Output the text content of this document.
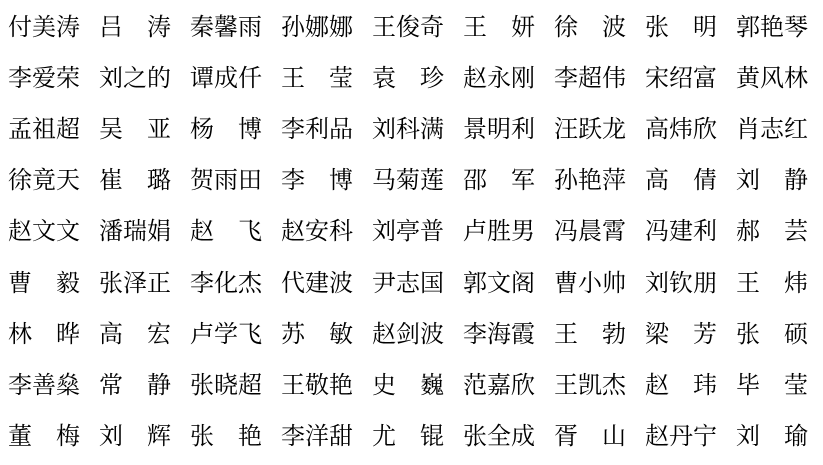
付美涛 吕　涛 秦馨雨 孙娜娜 王俊奇 王　妍 徐　波 张　明 郭艳琴
李爱荣 刘之的 谭成仟 王　莹 袁　珍 赵永刚 李超伟 宋绍富 黄风林
孟祖超 吴　亚 杨　博 李利品 刘科满 景明利 汪跃龙 高炜欣 肖志红
徐竟天 崔　璐 贺雨田 李　博 马菊莲 邵　军 孙艳萍 高　倩 刘　静
赵文文 潘瑞娟 赵　飞 赵安科 刘亭普 卢胜男 冯晨霄 冯建利 郝　芸
曹　毅 张泽正 李化杰 代建波 尹志国 郭文阁 曹小帅 刘钦朋 王　炜
林　晔 高　宏 卢学飞 苏　敏 赵剑波 李海霞 王　勃 梁　芳 张　硕
李善燊 常　静 张晓超 王敬艳 史　巍 范嘉欣 王凯杰 赵　玮 毕　莹
董　梅 刘　辉 张　艳 李洋甜 尤　锟 张全成 胥　山 赵丹宁 刘　瑜
